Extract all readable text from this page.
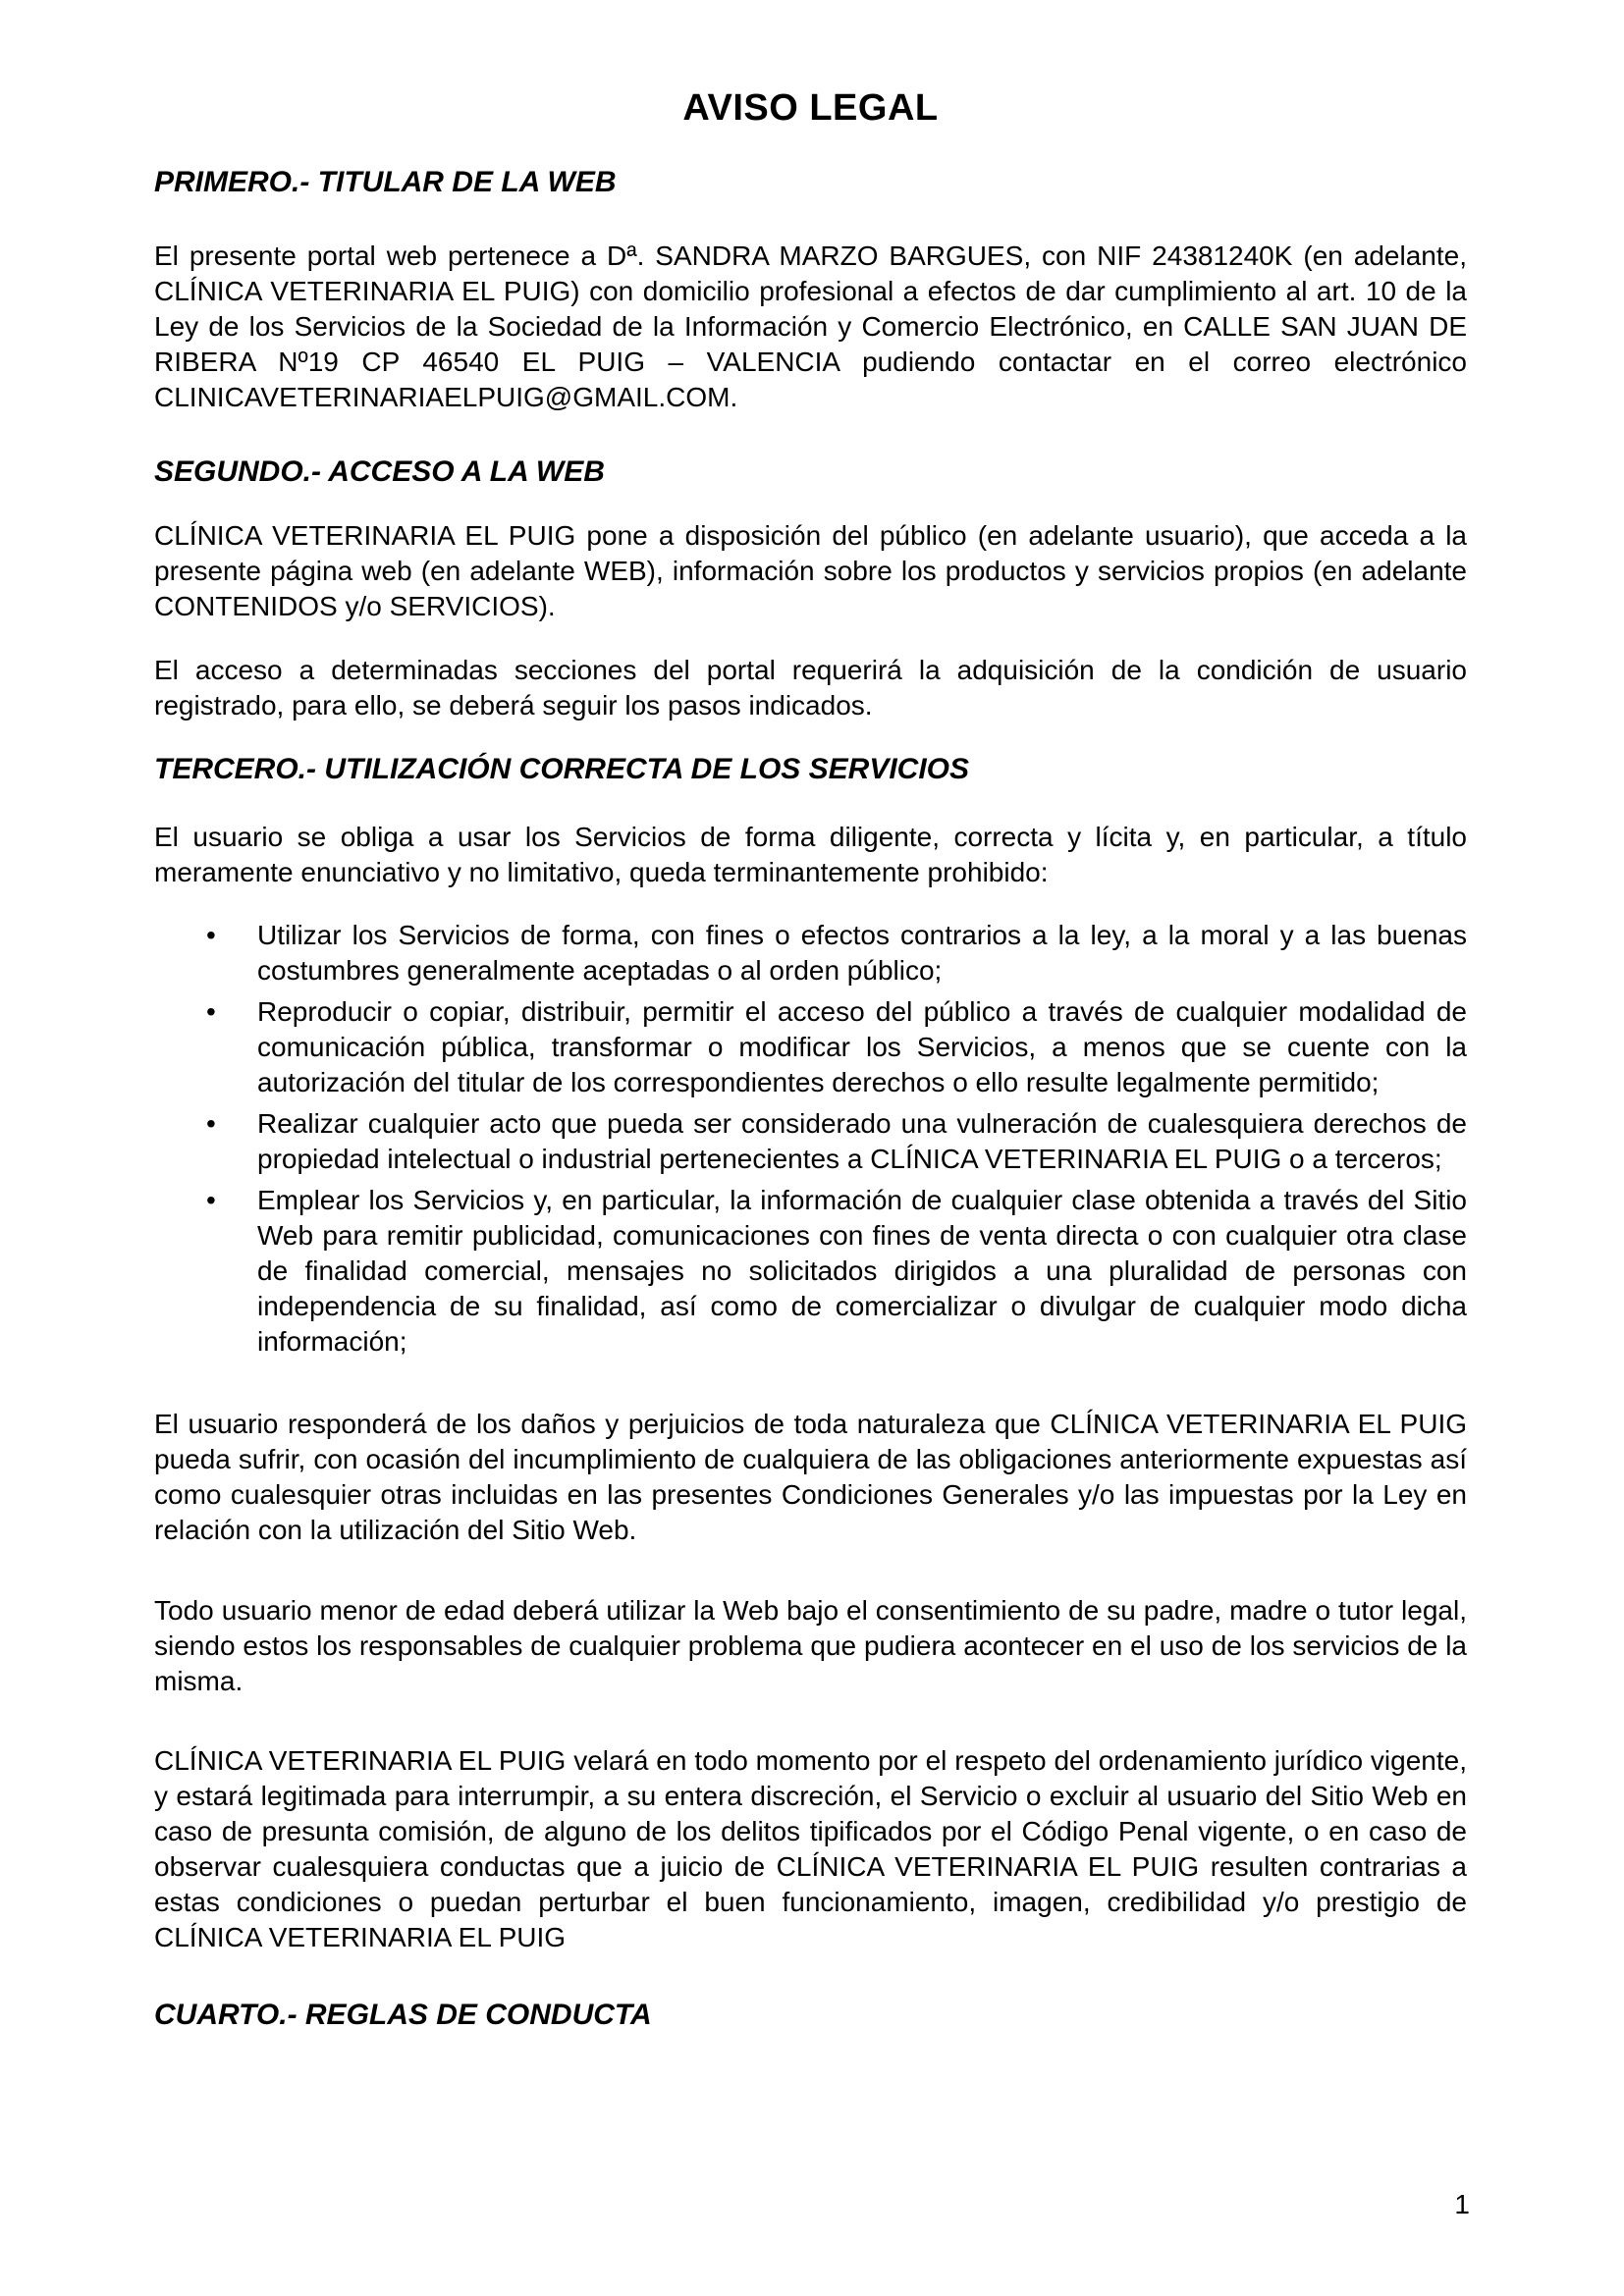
AVISO LEGAL
PRIMERO.- TITULAR DE LA WEB

El presente portal web pertenece a Dª. SANDRA MARZO BARGUES, con NIF 24381240K (en adelante, CLÍNICA VETERINARIA EL PUIG) con domicilio profesional a efectos de dar cumplimiento al art. 10 de la Ley de los Servicios de la Sociedad de la Información y Comercio Electrónico, en CALLE SAN JUAN DE RIBERA Nº19 CP 46540 EL PUIG – VALENCIA pudiendo contactar en el correo electrónico CLINICAVETERINARIAELPUIG@GMAIL.COM.

SEGUNDO.- ACCESO A LA WEB

CLÍNICA VETERINARIA EL PUIG pone a disposición del público (en adelante usuario), que acceda a la presente página web (en adelante WEB), información sobre los productos y servicios propios (en adelante CONTENIDOS y/o SERVICIOS).

El acceso a determinadas secciones del portal requerirá la adquisición de la condición de usuario registrado, para ello, se deberá seguir los pasos indicados.

TERCERO.- UTILIZACIÓN CORRECTA DE LOS SERVICIOS

El usuario se obliga a usar los Servicios de forma diligente, correcta y lícita y, en particular, a título meramente enunciativo y no limitativo, queda terminantemente prohibido:

•	Utilizar los Servicios de forma, con fines o efectos contrarios a la ley, a la moral y a las buenas costumbres generalmente aceptadas o al orden público;
•	Reproducir o copiar, distribuir, permitir el acceso del público a través de cualquier modalidad de comunicación pública, transformar o modificar los Servicios, a menos que se cuente con la autorización del titular de los correspondientes derechos o ello resulte legalmente permitido;
•	Realizar cualquier acto que pueda ser considerado una vulneración de cualesquiera derechos de propiedad intelectual o industrial pertenecientes a CLÍNICA VETERINARIA EL PUIG o a terceros;
•	Emplear los Servicios y, en particular, la información de cualquier clase obtenida a través del Sitio Web para remitir publicidad, comunicaciones con fines de venta directa o con cualquier otra clase de finalidad comercial, mensajes no solicitados dirigidos a una pluralidad de personas con independencia de su finalidad, así como de comercializar o divulgar de cualquier modo dicha información;

El usuario responderá de los daños y perjuicios de toda naturaleza que CLÍNICA VETERINARIA EL PUIG pueda sufrir, con ocasión del incumplimiento de cualquiera de las obligaciones anteriormente expuestas así como cualesquier otras incluidas en las presentes Condiciones Generales y/o las impuestas por la Ley en relación con la utilización del Sitio Web.

Todo usuario menor de edad deberá utilizar la Web bajo el consentimiento de su padre, madre o tutor legal, siendo estos los responsables de cualquier problema que pudiera acontecer en el uso de los servicios de la misma.

CLÍNICA VETERINARIA EL PUIG velará en todo momento por el respeto del ordenamiento jurídico vigente, y estará legitimada para interrumpir, a su entera discreción, el Servicio o excluir al usuario del Sitio Web en caso de presunta comisión, de alguno de los delitos tipificados por el Código Penal vigente, o en caso de observar cualesquiera conductas que a juicio de CLÍNICA VETERINARIA EL PUIG resulten contrarias a estas condiciones o puedan perturbar el buen funcionamiento, imagen, credibilidad y/o prestigio de CLÍNICA VETERINARIA EL PUIG

CUARTO.- REGLAS DE CONDUCTA
1
